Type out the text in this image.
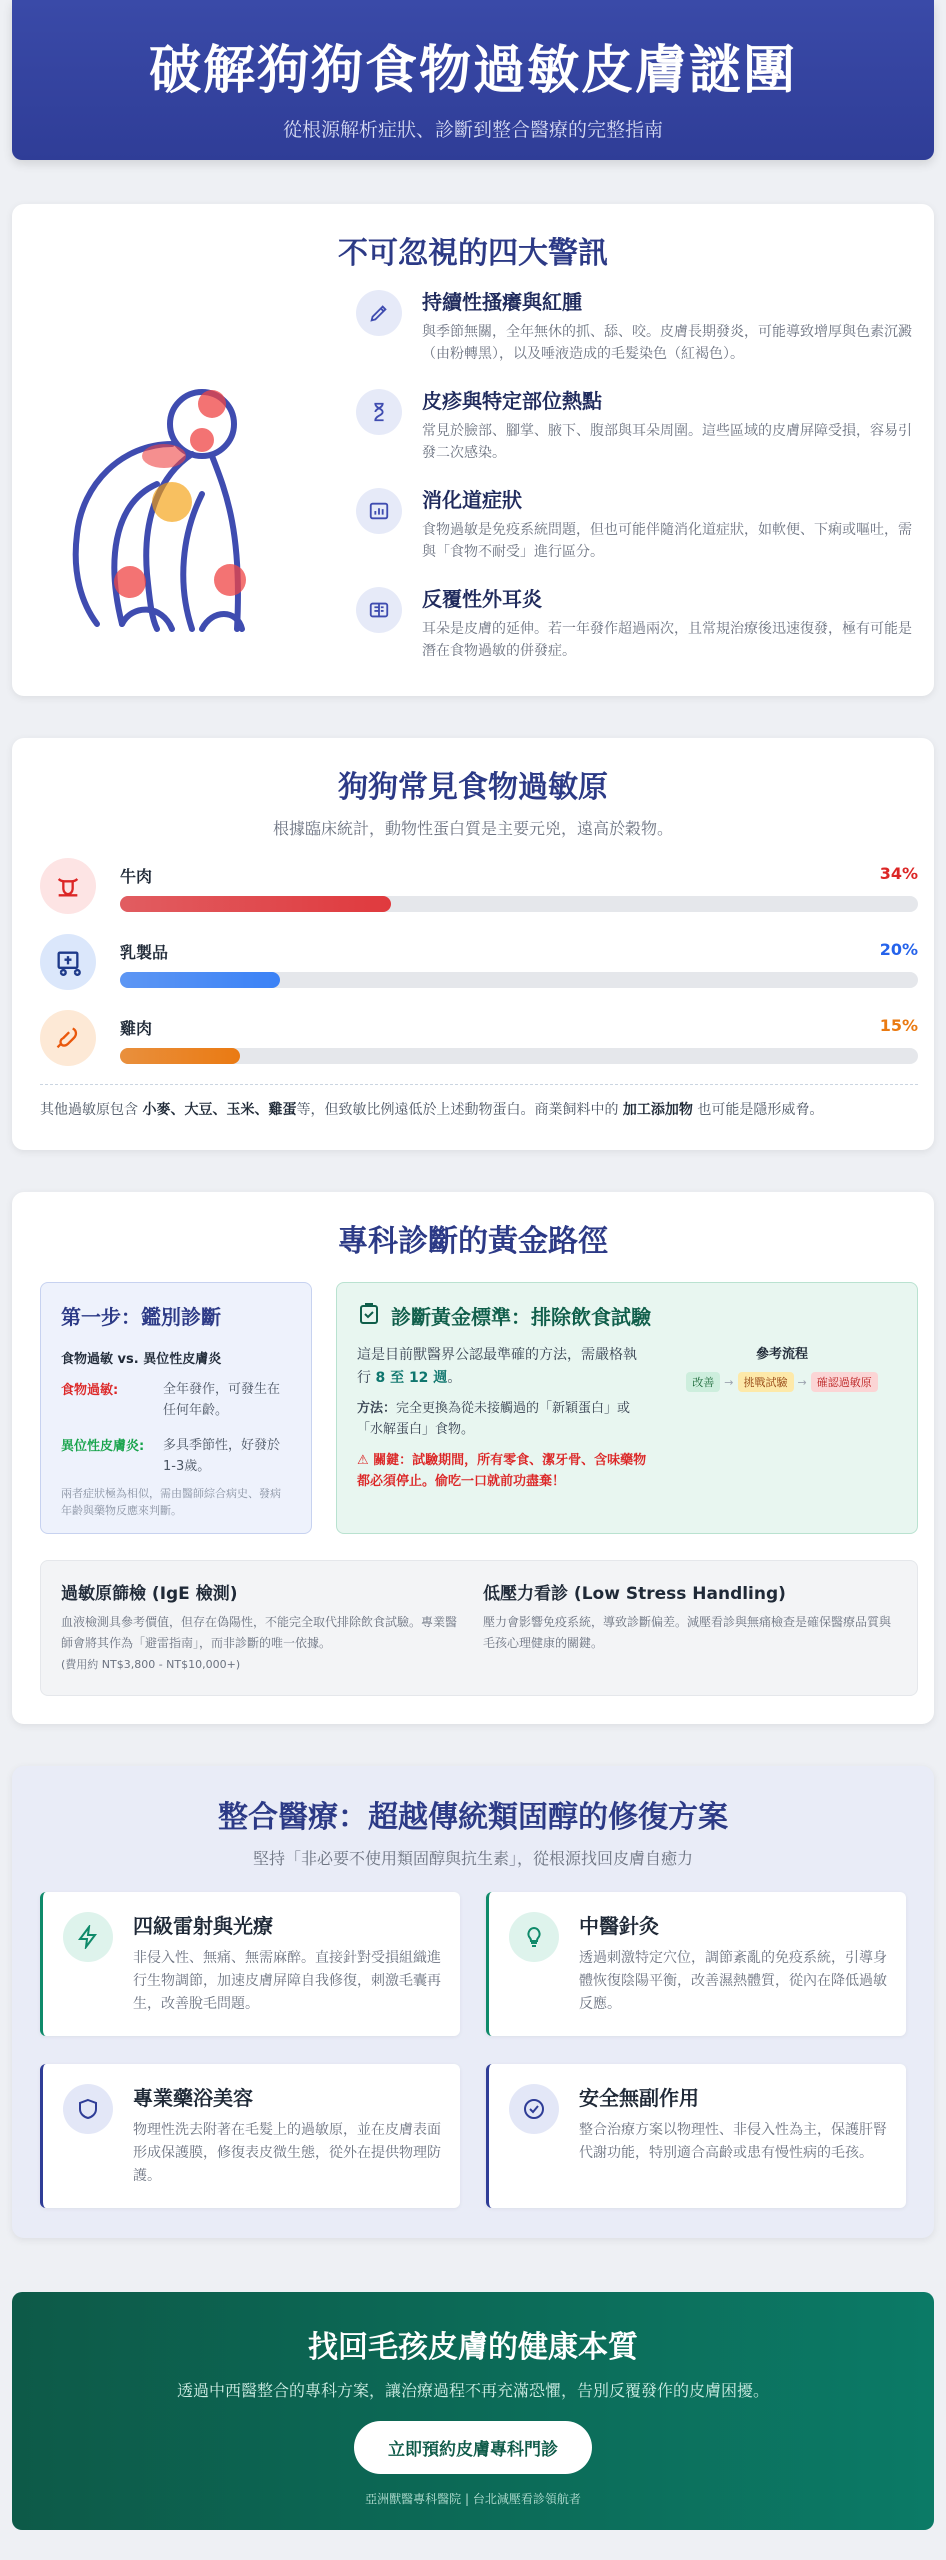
破解狗狗食物過敏皮膚謎團

從根源解析症狀、診斷到整合醫療的完整指南

不可忽視的四大警訊
持續性搔癢與紅腫

與季節無關，全年無休的抓、舔、咬。皮膚長期發炎，可能導致增厚與色素沉澱（由粉轉黑），以及唾液造成的毛髮染色（紅褐色）。

皮疹與特定部位熱點

常見於臉部、腳掌、腋下、腹部與耳朵周圍。這些區域的皮膚屏障受損，容易引發二次感染。

消化道症狀

食物過敏是免疫系統問題，但也可能伴隨消化道症狀，如軟便、下痢或嘔吐，需與「食物不耐受」進行區分。

反覆性外耳炎

耳朵是皮膚的延伸。若一年發作超過兩次，且常規治療後迅速復發，極有可能是潛在食物過敏的併發症。

狗狗常見食物過敏原

根據臨床統計，動物性蛋白質是主要元兇，遠高於穀物。

牛肉	34%
乳製品	20%
雞肉	15%
其他過敏原包含 小麥、大豆、玉米、雞蛋等，但致敏比例遠低於上述動物蛋白。商業飼料中的 加工添加物 也可能是隱形威脅。
專科診斷的黃金路徑
第一步：鑑別診斷
食物過敏 vs. 異位性皮膚炎
食物過敏:	全年發作，可發生在任何年齡。
異位性皮膚炎: 多具季節性，好發於1-3歲。
兩者症狀極為相似，需由醫師綜合病史、發病年齡與藥物反應來判斷。
診斷黃金標準：排除飲食試驗
這是目前獸醫界公認最準確的方法，需嚴格執行 8 至 12 週。
方法：完全更換為從未接觸過的「新穎蛋白」或「水解蛋白」食物。
⚠ 關鍵：試驗期間，所有零食、潔牙骨、含味藥物都必須停止。偷吃一口就前功盡棄！
參考流程
改善 → 挑戰試驗 → 確認過敏原
過敏原篩檢 (IgE 檢測)

血液檢測具參考價值，但存在偽陽性，不能完全取代排除飲食試驗。專業醫師會將其作為「避雷指南」，而非診斷的唯一依據。

(費用約 NT$3,800 - NT$10,000+)
低壓力看診 (Low Stress Handling)

壓力會影響免疫系統，導致診斷偏差。減壓看診與無痛檢查是確保醫療品質與毛孩心理健康的關鍵。

整合醫療：超越傳統類固醇的修復方案

堅持「非必要不使用類固醇與抗生素」，從根源找回皮膚自癒力

四級雷射與光療

非侵入性、無痛、無需麻醉。直接針對受損組織進行生物調節，加速皮膚屏障自我修復，刺激毛囊再生，改善脫毛問題。

中醫針灸

透過刺激特定穴位，調節紊亂的免疫系統，引導身體恢復陰陽平衡，改善濕熱體質，從內在降低過敏反應。

專業藥浴美容

物理性洗去附著在毛髮上的過敏原，並在皮膚表面形成保護膜，修復表皮微生態，從外在提供物理防護。

安全無副作用

整合治療方案以物理性、非侵入性為主，保護肝腎代謝功能，特別適合高齡或患有慢性病的毛孩。

找回毛孩皮膚的健康本質

透過中西醫整合的專科方案，讓治療過程不再充滿恐懼，告別反覆發作的皮膚困擾。

立即預約皮膚專科門診
亞洲獸醫專科醫院 | 台北減壓看診領航者
